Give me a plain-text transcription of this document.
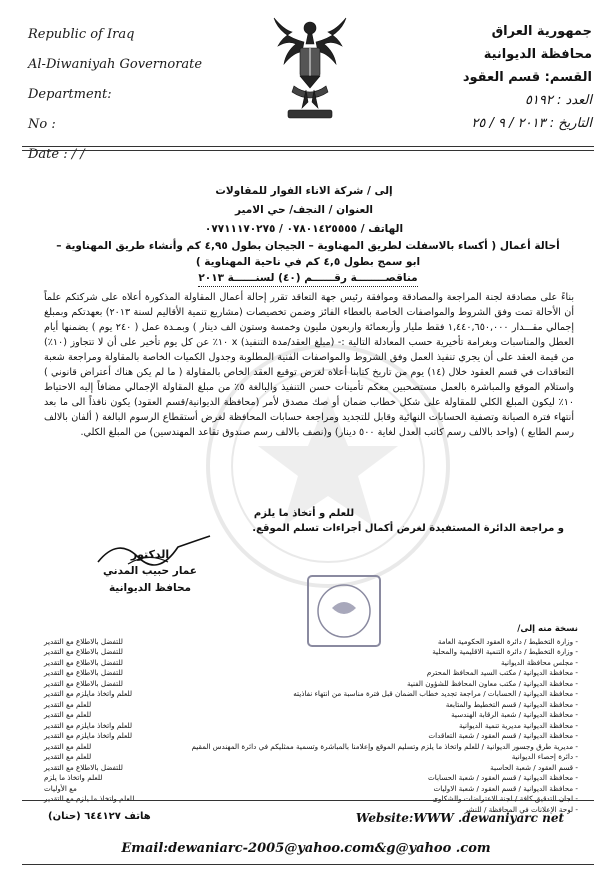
Republic of Iraq
Al-Diwaniyah Governorate
Department:
No :
Date : / /
جمهورية العراق
محافظة الديوانية
القسم: قسم العقود
العدد : ٥١٩٢
التاريخ : ٢٠١٣ / ٩ / ٢٥
إلى / شركة الاناء الفوار للمقاولات
العنوان / النجف/ حي الامير
الهاتف / ٠٧٨٠١٤٢٥٥٥٥ / ٠٧٧١١١٧٠٢٧٥
أحالة أعمال ( أكساء بالاسفلت لطريق المهناوية – الجيجان بطول ٤,٩٥ كم وأنشاء طريق المهناوية –
ابو سمج بطول ٤,٥ كم في ناحية المهناوية )
مناقصــــــــة رقــــــم (٤٠) لسنــــــة ٢٠١٣

بناءً على مصادقة لجنة المراجعة والمصادقة وموافقة رئيس جهة التعاقد تقرر إحالة أعمال المقاولة المذكورة أعلاه على شركتكم علماً أن الأحالة تمت وفق الشروط والمواصفات الخاصة بالعطاء الفائز وضمن تخصيصات (مشاريع تنمية الأقاليم لسنة ٢٠١٣) بعهدتكم وبمبلغ إجمالي مقـــدار ١,٤٤٠,٦٥٠,٠٠٠ فقط مليار وأربعمائة واربعون مليون وخمسة وستون الف دينار ) وبمـدة عمل ( ٢٤٠ يوم ) يضمنها أيام العطل والمناسبات وبغرامة تأخيرية حسب المعادلة التالية :- (مبلغ العقد/مدة التنفيذ) x ١٠٪ عن كل يوم تأخير على أن لا تتجاوز (١٠٪) من قيمة العقد على أن يجري تنفيذ العمل وفق الشروط والمواصفات الفنية المطلوبة وجدول الكميات الخاصة بالمقاولة ومراجعة شعبة التعاقدات في قسم العقود خلال (١٤) يوم من تاريخ كتابنا أعلاه لغرض توقيع العقد الخاص بالمقاولة ( ما لم يكن هناك أعتراض قانوني ) واستلام الموقع والمباشرة بالعمل مستصحبين معكم تأمينات حسن التنفيذ والبالغة ٥٪ من مبلغ المقاولة الإجمالي مضافاً إليه الاحتياط ١٠٪ ليكون المبلغ الكلي للمقاولة على شكل خطاب ضمان أو صك مصدق لأمر (محافظة الديوانية/قسم العقود) يكون نافذاً الى ما بعد أنتهاء فترة الصيانة وتصفية الحسابات النهائية وقابل للتجديد ومراجعة حسابات المحافظة لغرض أستقطاع الرسوم البالغة ( ألفان بالالف رسم الطابع ) (واحد بالالف رسم كاتب العدل لغاية ٥٠٠ دينار) و(نصف بالالف رسم صندوق تقاعد المهندسين) من المبلغ الكلي.

للعلم و أتخاذ ما يلزم
و مراجعة الدائرة المستفيدة لغرض أكمال أجراءات تسلم الموقع.
الدكتور
عمار حبيب المدني
محافظ الديوانية
نسخة منه إلى/
- وزارة التخطيط / دائرة العقود الحكومية العامة
للتفضل بالاطلاع مع التقدير
- وزارة التخطيط / دائرة التنمية الاقليمية والمحلية
للتفضل بالاطلاع مع التقدير
- مجلس محافظة الديوانية
للتفضل بالاطلاع مع التقدير
- محافظة الديوانية / مكتب السيد المحافظ المحترم
للتفضل بالاطلاع مع التقدير
- محافظة الديوانية / مكتب معاون المحافظ للشؤون الفنية
للتفضل بالاطلاع مع التقدير
- محافظة الديوانية / الحسابات / مراجعة تجديد خطاب الضمان قبل فترة مناسبة من انتهاء نفاذيته
للعلم واتخاذ مايلزم مع التقدير
- محافظة الديوانية / قسم التخطيط والمتابعة
للعلم مع التقدير
- محافظة الديوانية / شعبة الرقابة الهندسية
للعلم مع التقدير
- محافظة الديوانية مديرية تنمية الديوانية
للعلم واتخاذ مايلزم مع التقدير
- محافظة الديوانية / قسم العقود / شعبة التعاقدات
للعلم واتخاذ مايلزم مع التقدير
- مديرية طرق وجسور الديوانية / للعلم واتخاذ ما يلزم وتسليم الموقع وإعلامنا بالمباشرة وتسمية ممثليكم في دائرة المهندس المقيم
للعلم مع التقدير
- دائرة إحصاء الديوانية
للعلم مع التقدير
- قسم العقود / شعبة الحاسبة
للتفضل بالاطلاع مع التقدير
- محافظة الديوانية / قسم العقود / شعبة الحسابات
للعلم واتخاذ ما يلزم
- محافظة الديوانية / قسم العقود / شعبة الاوليات
مع الأوليات
- لجان التدقيق كافة / لجنة الاعتراضات والشكاوى
للعلم واتخاذ ما يلزم مع التقدير
- لوحة الإعلانات في المحافظة / للنشر
هاتف ٦٤٤١٢٧ (حنان)	Website:WWW .dewaniyarc net
Email:dewaniarc-2005@yahoo.com&g@yahoo .com
